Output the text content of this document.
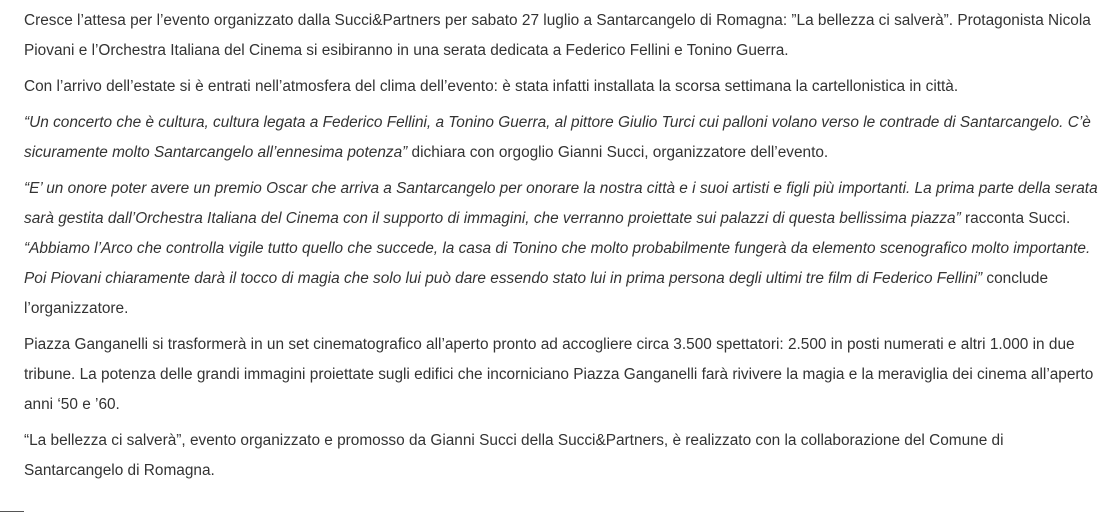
Cresce l’attesa per l’evento organizzato dalla Succi&Partners per sabato 27 luglio a Santarcangelo di Romagna: ”La bellezza ci salverà”. Protagonista Nicola Piovani e l’Orchestra Italiana del Cinema si esibiranno in una serata dedicata a Federico Fellini e Tonino Guerra.

Con l’arrivo dell’estate si è entrati nell’atmosfera del clima dell’evento: è stata infatti installata la scorsa settimana la cartellonistica in città.

“Un concerto che è cultura, cultura legata a Federico Fellini, a Tonino Guerra, al pittore Giulio Turci cui palloni volano verso le contrade di Santarcangelo. C’è sicuramente molto Santarcangelo all’ennesima potenza” dichiara con orgoglio Gianni Succi, organizzatore dell’evento.

“E’ un onore poter avere un premio Oscar che arriva a Santarcangelo per onorare la nostra città e i suoi artisti e figli più importanti. La prima parte della serata sarà gestita dall’Orchestra Italiana del Cinema con il supporto di immagini, che verranno proiettate sui palazzi di questa bellissima piazza” racconta Succi. “Abbiamo l’Arco che controlla vigile tutto quello che succede, la casa di Tonino che molto probabilmente fungerà da elemento scenografico molto importante. Poi Piovani chiaramente darà il tocco di magia che solo lui può dare essendo stato lui in prima persona degli ultimi tre film di Federico Fellini” conclude l’organizzatore.

Piazza Ganganelli si trasformerà in un set cinematografico all’aperto pronto ad accogliere circa 3.500 spettatori: 2.500 in posti numerati e altri 1.000 in due tribune. La potenza delle grandi immagini proiettate sugli edifici che incorniciano Piazza Ganganelli farà rivivere la magia e la meraviglia dei cinema all’aperto anni ‘50 e ’60.

“La bellezza ci salverà”, evento organizzato e promosso da Gianni Succi della Succi&Partners, è realizzato con la collaborazione del Comune di Santarcangelo di Romagna.
